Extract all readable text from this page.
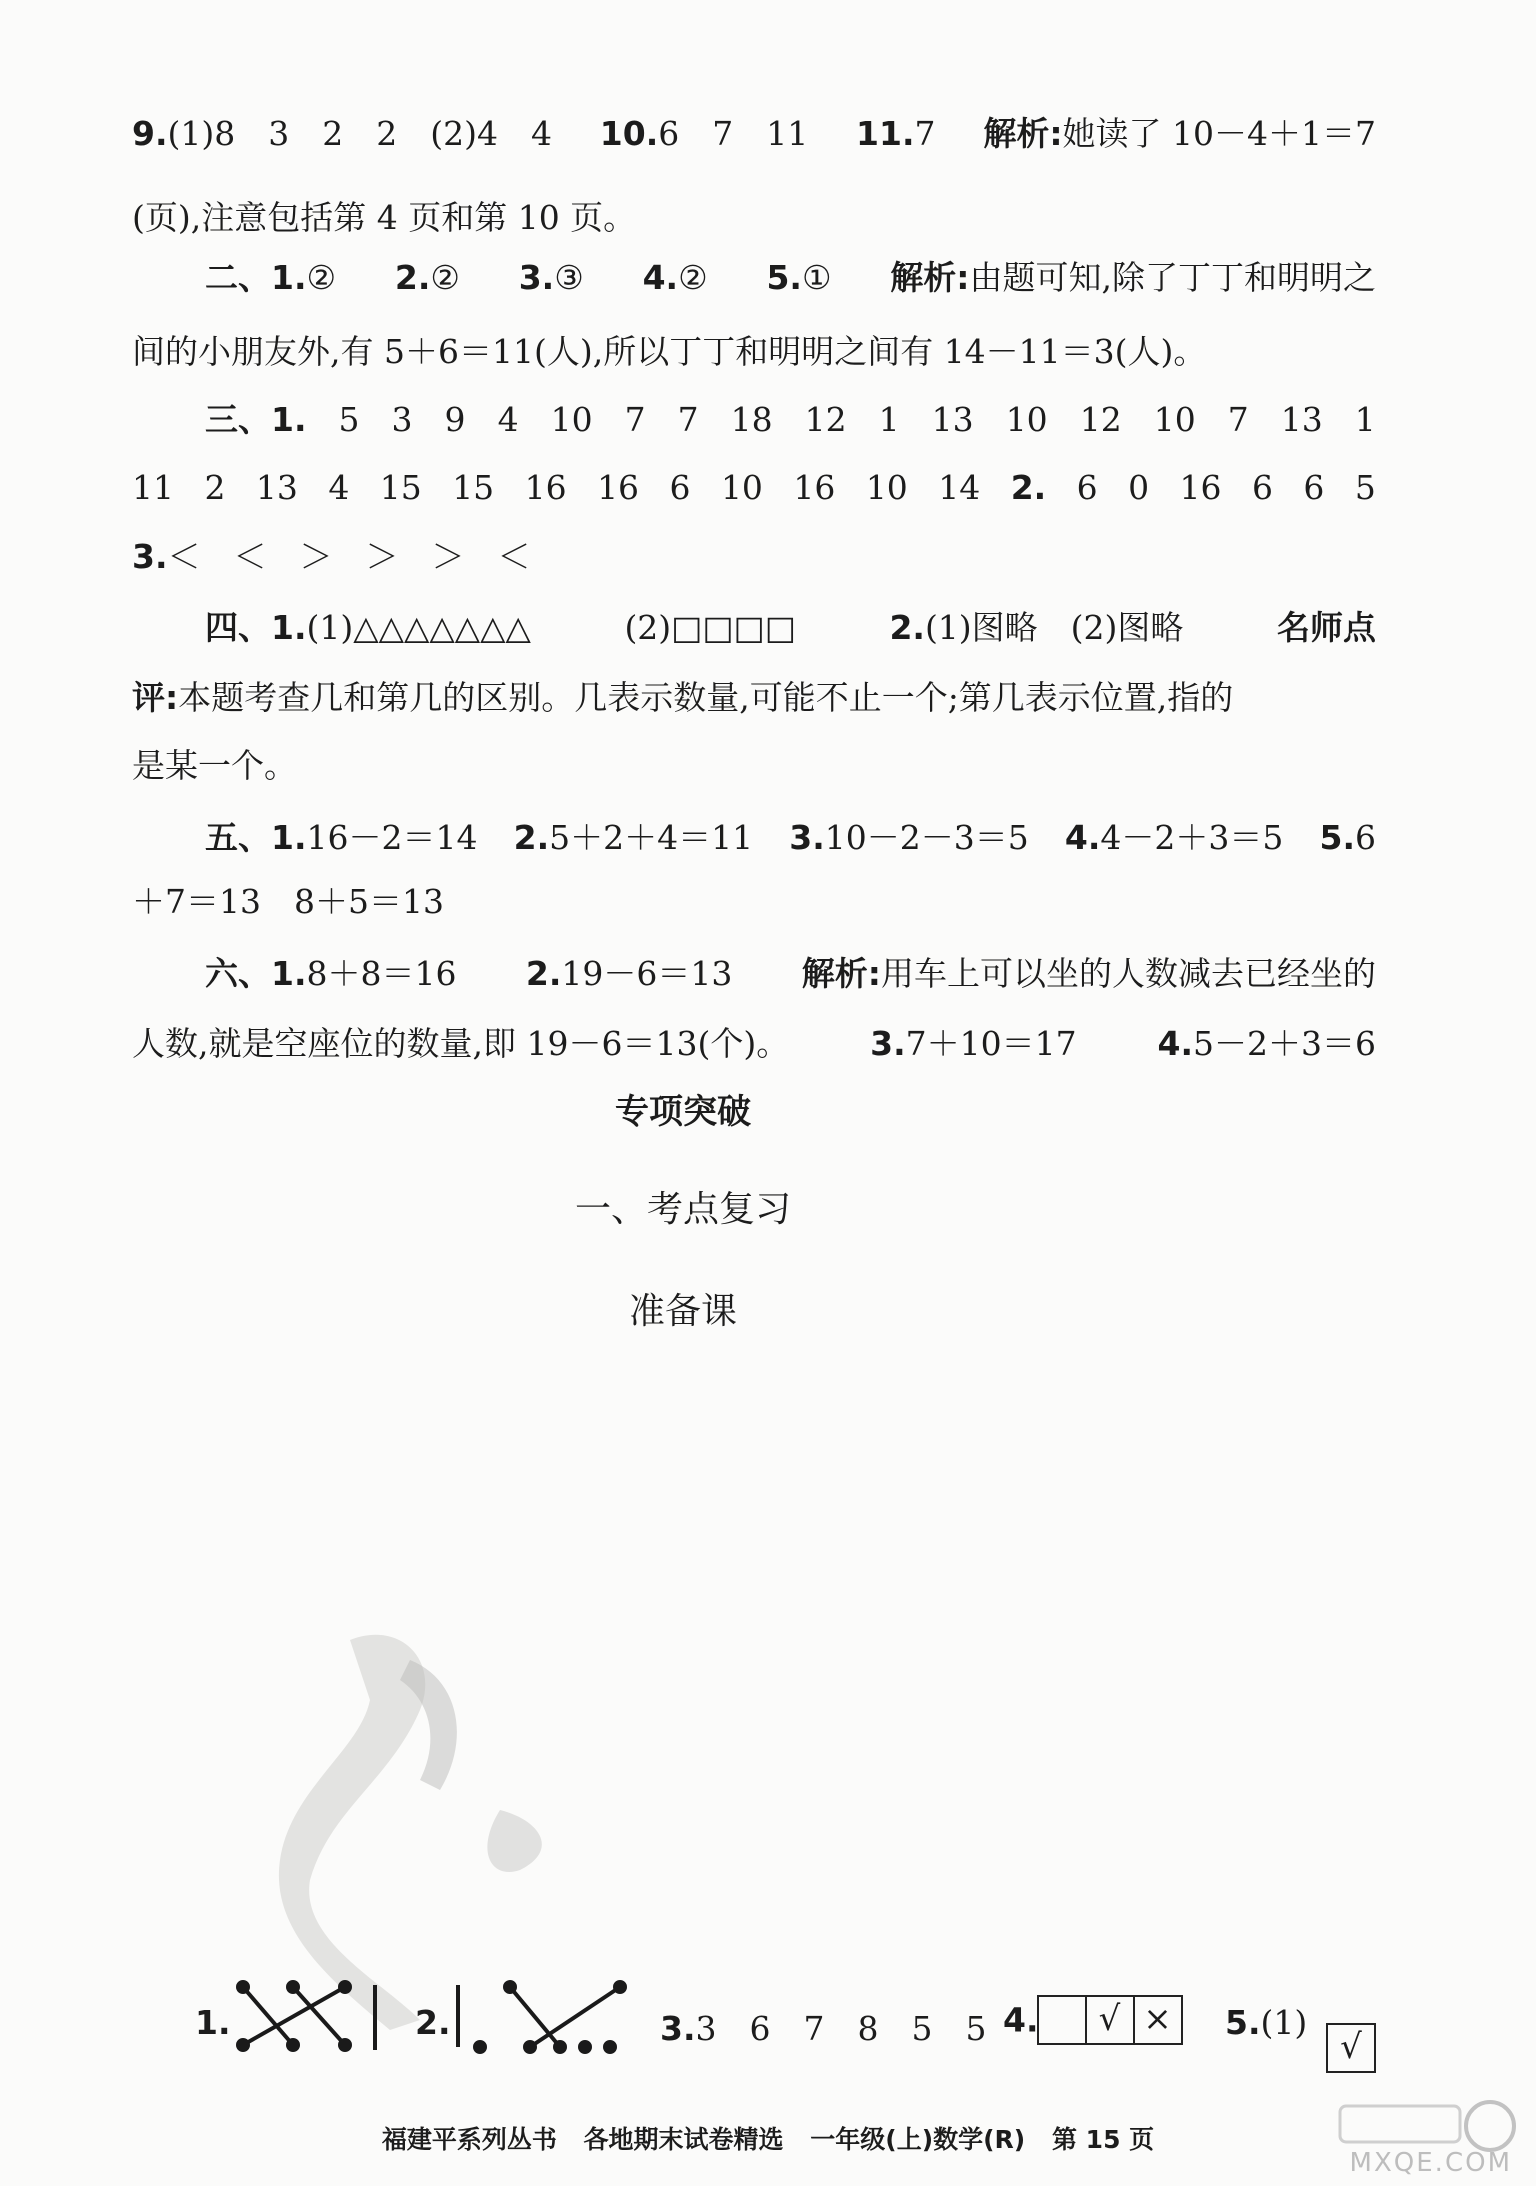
9.(1)8　3　2　2　(2)4　4 10.6　7　11 11.7 解析:她读了 10－4＋1＝7
(页),注意包括第 4 页和第 10 页。
二、1.② 2.② 3.③ 4.② 5.① 解析:由题可知,除了丁丁和明明之
间的小朋友外,有 5＋6＝11(人),所以丁丁和明明之间有 14－11＝3(人)。
三、1. 5 3 9 4 10 7 7 18 12 1 13 10 12 10 7 13 1
11 2 13 4 15 15 16 16 6 10 16 10 14 2. 6 0 16 6 6 5
3.＜　＜　＞　＞　＞　＜
四、1.(1)△△△△△△△	(2)□□□□	2.(1)图略　(2)图略	名师点
评:本题考查几和第几的区别。几表示数量,可能不止一个;第几表示位置,指的
是某一个。
五、1.16－2＝14 2.5＋2＋4＝11 3.10－2－3＝5 4.4－2＋3＝5 5.6
＋7＝13　8＋5＝13
六、1.8＋8＝16 2.19－6＝13 解析:用车上可以坐的人数减去已经坐的
人数,就是空座位的数量,即 19－6＝13(个)。 3.7＋10＝17 4.5－2＋3＝6
专项突破
一、考点复习
准备课
1.	2.	3.3　6　7　8　5　5 4. √ ×	5.(1)
√
福建平系列丛书 各地期末试卷精选 一年级(上)数学(R) 第 15 页
MXQE.COM
